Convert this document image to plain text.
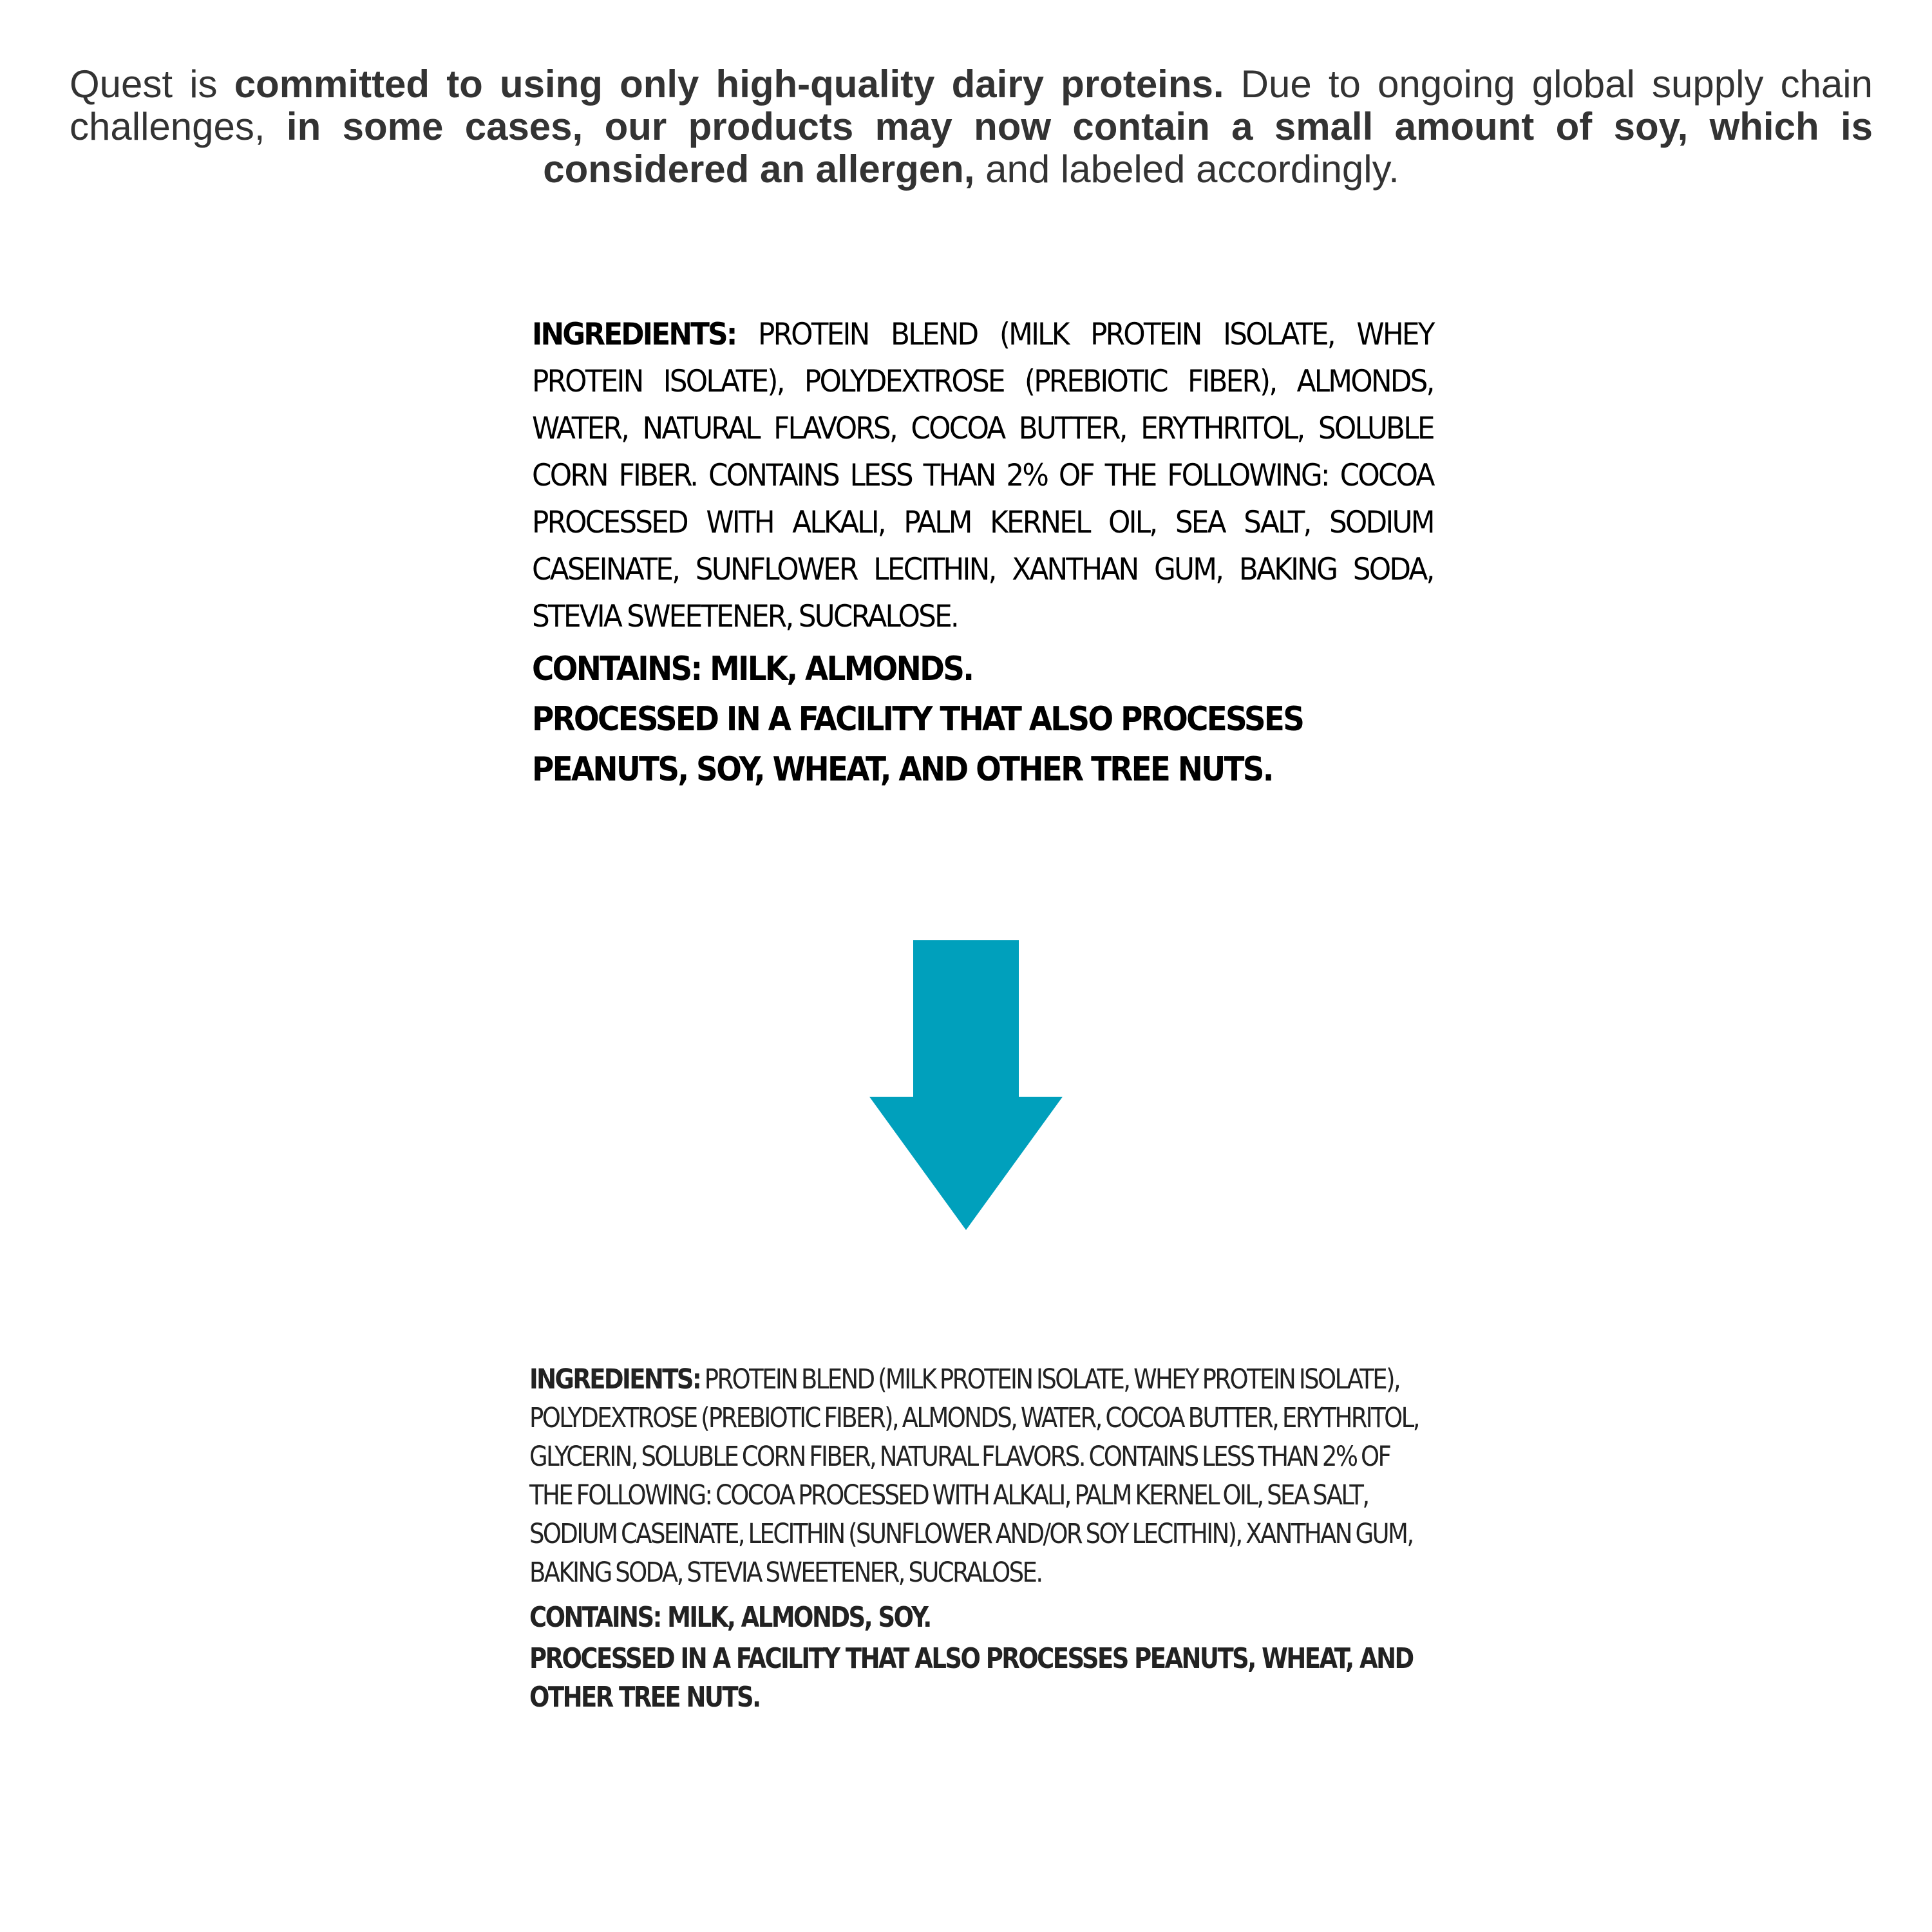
Quest is committed to using only high-quality dairy proteins. Due to ongoing global supply chain challenges, in some cases, our products may now contain a small amount of soy, which is considered an allergen, and labeled accordingly.

INGREDIENTS: PROTEIN BLEND (MILK PROTEIN ISOLATE, WHEY PROTEIN ISOLATE), POLYDEXTROSE (PREBIOTIC FIBER), ALMONDS, WATER, NATURAL FLAVORS, COCOA BUTTER, ERYTHRITOL, SOLUBLE CORN FIBER. CONTAINS LESS THAN 2% OF THE FOLLOWING: COCOA PROCESSED WITH ALKALI, PALM KERNEL OIL, SEA SALT, SODIUM CASEINATE, SUNFLOWER LECITHIN, XANTHAN GUM, BAKING SODA, STEVIA SWEETENER, SUCRALOSE.

CONTAINS: MILK, ALMONDS.

PROCESSED IN A FACILITY THAT ALSO PROCESSES PEANUTS, SOY, WHEAT, AND OTHER TREE NUTS.

INGREDIENTS: PROTEIN BLEND (MILK PROTEIN ISOLATE, WHEY PROTEIN ISOLATE), POLYDEXTROSE (PREBIOTIC FIBER), ALMONDS, WATER, COCOA BUTTER, ERYTHRITOL, GLYCERIN, SOLUBLE CORN FIBER, NATURAL FLAVORS. CONTAINS LESS THAN 2% OF THE FOLLOWING: COCOA PROCESSED WITH ALKALI, PALM KERNEL OIL, SEA SALT, SODIUM CASEINATE, LECITHIN (SUNFLOWER AND/OR SOY LECITHIN), XANTHAN GUM, BAKING SODA, STEVIA SWEETENER, SUCRALOSE.

CONTAINS: MILK, ALMONDS, SOY.

PROCESSED IN A FACILITY THAT ALSO PROCESSES PEANUTS, WHEAT, AND OTHER TREE NUTS.
